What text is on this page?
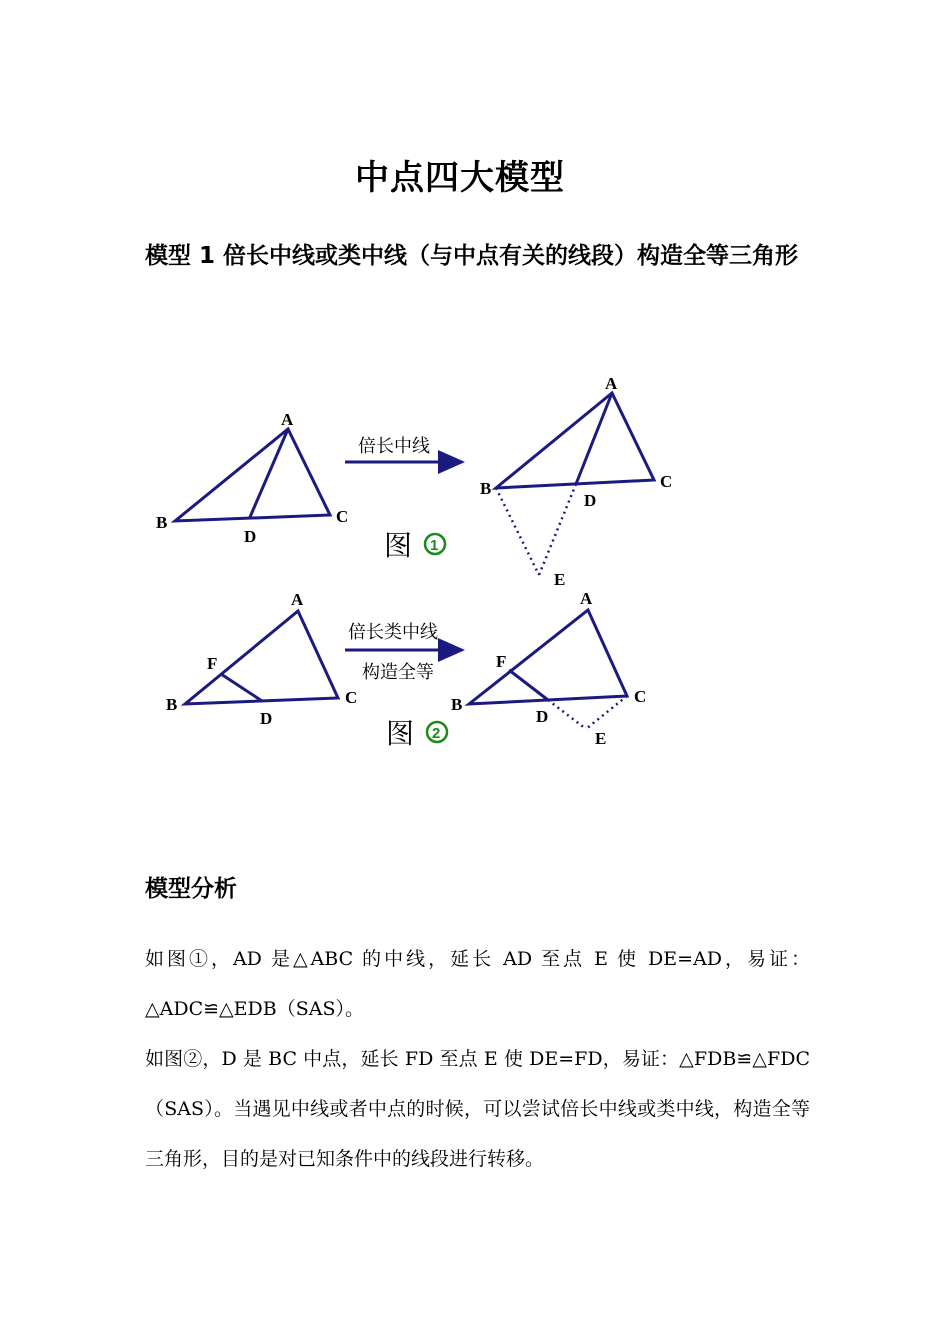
中点四大模型
模型 1 倍长中线或类中线（与中点有关的线段）构造全等三角形
A
B	C
D
倍长中线
图 1
A
B	C
D
E
A
B	C
D
F
倍长类中线
构造全等
图 2
A
B	C
D
E
F
模型分析
如图①，AD 是△ABC 的中线，延长 AD 至点 E 使 DE=AD，易证：△ADC≌△EDB（SAS）。
如图②，D 是 BC 中点，延长 FD 至点 E 使 DE=FD，易证：△FDB≌△FDC（SAS）。当遇见中线或者中点的时候，可以尝试倍长中线或类中线，构造全等三角形，目的是对已知条件中的线段进行转移。
